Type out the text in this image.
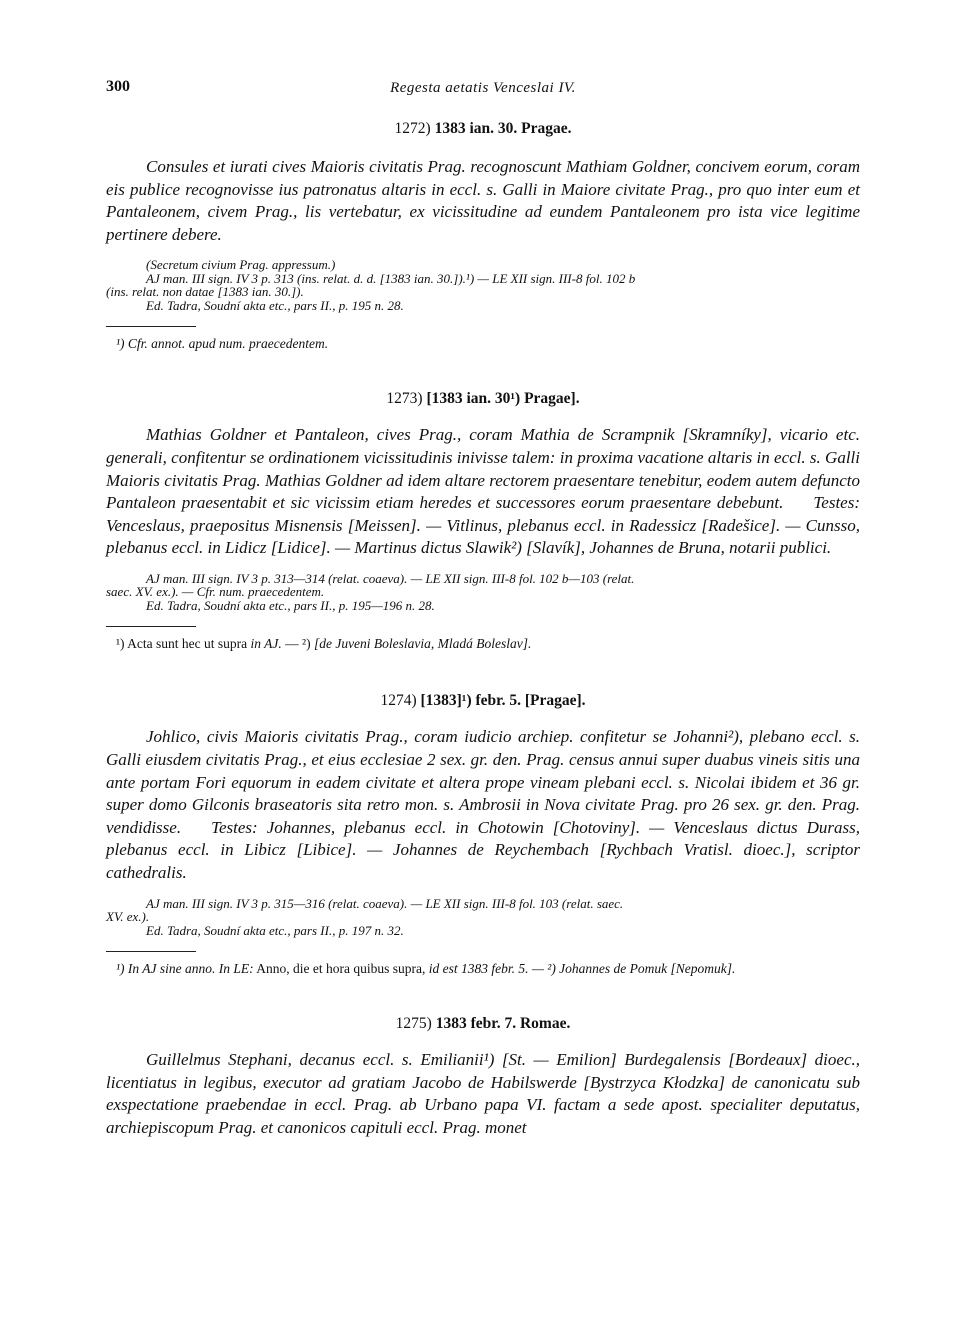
300	Regesta aetatis Venceslai IV.

1272) 1383 ian. 30. Pragae.

Consules et iurati cives Maioris civitatis Prag. recognoscunt Mathiam Goldner, concivem eorum, coram eis publice recognovisse ius patronatus altaris in eccl. s. Galli in Maiore civitate Prag., pro quo inter eum et Pantaleonem, civem Prag., lis vertebatur, ex vicissitudine ad eundem Pantaleonem pro ista vice legitime pertinere debere.

(Secretum civium Prag. appressum.)
AJ man. III sign. IV 3 p. 313 (ins. relat. d. d. [1383 ian. 30.]).¹) — LE XII sign. III-8 fol. 102 b
(ins. relat. non datae [1383 ian. 30.]).
Ed. Tadra, Soudní akta etc., pars II., p. 195 n. 28.

¹) Cfr. annot. apud num. praecedentem.

1273) [1383 ian. 30¹) Pragae].

Mathias Goldner et Pantaleon, cives Prag., coram Mathia de Scrampnik [Skramníky], vicario etc. generali, confitentur se ordinationem vicissitudinis inivisse talem: in proxima vacatione altaris in eccl. s. Galli Maioris civitatis Prag. Mathias Goldner ad idem altare rectorem praesentare tenebitur, eodem autem defuncto Pantaleon praesentabit et sic vicissim etiam heredes et successores eorum praesentare debebunt. Testes: Venceslaus, praepositus Misnensis [Meissen]. — Vitlinus, plebanus eccl. in Radessicz [Radešice]. — Cunsso, plebanus eccl. in Lidicz [Lidice]. — Martinus dictus Slawik²) [Slavík], Johannes de Bruna, notarii publici.

AJ man. III sign. IV 3 p. 313—314 (relat. coaeva). — LE XII sign. III-8 fol. 102 b—103 (relat.
saec. XV. ex.). — Cfr. num. praecedentem.
Ed. Tadra, Soudní akta etc., pars II., p. 195—196 n. 28.

¹) Acta sunt hec ut supra in AJ. — ²) [de Juveni Boleslavia, Mladá Boleslav].

1274) [1383]¹) febr. 5. [Pragae].

Johlico, civis Maioris civitatis Prag., coram iudicio archiep. confitetur se Johanni²), plebano eccl. s. Galli eiusdem civitatis Prag., et eius ecclesiae 2 sex. gr. den. Prag. census annui super duabus vineis sitis una ante portam Fori equorum in eadem civitate et altera prope vineam plebani eccl. s. Nicolai ibidem et 36 gr. super domo Gilconis braseatoris sita retro mon. s. Ambrosii in Nova civitate Prag. pro 26 sex. gr. den. Prag. vendidisse. Testes: Johannes, plebanus eccl. in Chotowin [Chotoviny]. — Venceslaus dictus Durass, plebanus eccl. in Libicz [Libice]. — Johannes de Reychembach [Rychbach Vratisl. dioec.], scriptor cathedralis.

AJ man. III sign. IV 3 p. 315—316 (relat. coaeva). — LE XII sign. III-8 fol. 103 (relat. saec.
XV. ex.).
Ed. Tadra, Soudní akta etc., pars II., p. 197 n. 32.

¹) In AJ sine anno. In LE: Anno, die et hora quibus supra, id est 1383 febr. 5. — ²) Johannes de Pomuk [Nepomuk].

1275) 1383 febr. 7. Romae.

Guillelmus Stephani, decanus eccl. s. Emilianii¹) [St. — Emilion] Burdegalensis [Bordeaux] dioec., licentiatus in legibus, executor ad gratiam Jacobo de Habilswerde [Bystrzyca Kłodzka] de canonicatu sub exspectatione praebendae in eccl. Prag. ab Urbano papa VI. factam a sede apost. specialiter deputatus, archiepiscopum Prag. et canonicos capituli eccl. Prag. monet
